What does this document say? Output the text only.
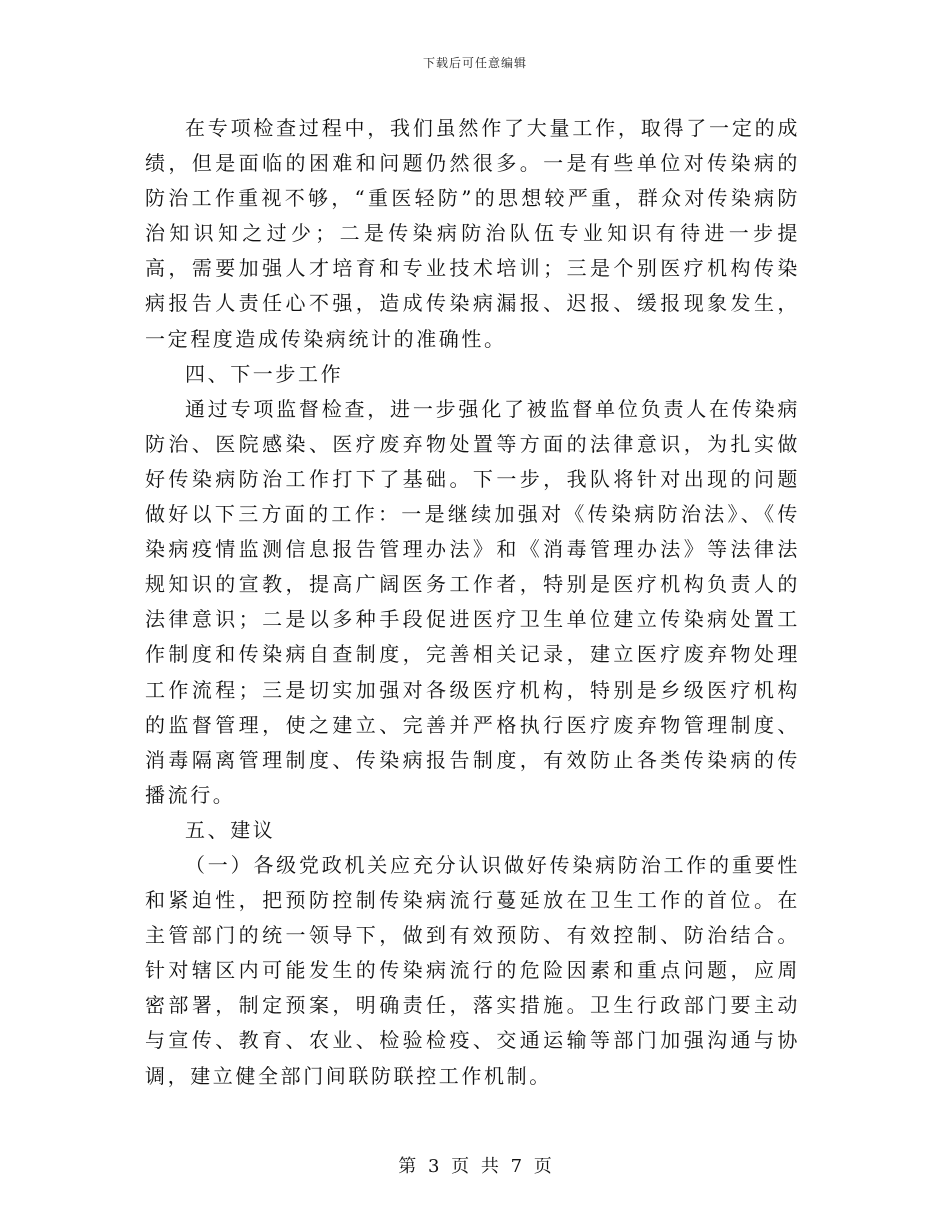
下载后可任意编辑

在专项检查过程中，我们虽然作了大量工作，取得了一定的成绩，但是面临的困难和问题仍然很多。一是有些单位对传染病的防治工作重视不够，“重医轻防”的思想较严重，群众对传染病防治知识知之过少；二是传染病防治队伍专业知识有待进一步提高，需要加强人才培育和专业技术培训；三是个别医疗机构传染病报告人责任心不强，造成传染病漏报、迟报、缓报现象发生，一定程度造成传染病统计的准确性。

四、下一步工作

通过专项监督检查，进一步强化了被监督单位负责人在传染病防治、医院感染、医疗废弃物处置等方面的法律意识，为扎实做好传染病防治工作打下了基础。下一步，我队将针对出现的问题做好以下三方面的工作：一是继续加强对《传染病防治法》、《传染病疫情监测信息报告管理办法》和《消毒管理办法》等法律法规知识的宣教，提高广阔医务工作者，特别是医疗机构负责人的法律意识；二是以多种手段促进医疗卫生单位建立传染病处置工作制度和传染病自查制度，完善相关记录，建立医疗废弃物处理工作流程；三是切实加强对各级医疗机构，特别是乡级医疗机构的监督管理，使之建立、完善并严格执行医疗废弃物管理制度、消毒隔离管理制度、传染病报告制度，有效防止各类传染病的传播流行。

五、建议

（一）各级党政机关应充分认识做好传染病防治工作的重要性和紧迫性，把预防控制传染病流行蔓延放在卫生工作的首位。在主管部门的统一领导下，做到有效预防、有效控制、防治结合。针对辖区内可能发生的传染病流行的危险因素和重点问题，应周密部署，制定预案，明确责任，落实措施。卫生行政部门要主动与宣传、教育、农业、检验检疫、交通运输等部门加强沟通与协调，建立健全部门间联防联控工作机制。

第 3 页 共 7 页
